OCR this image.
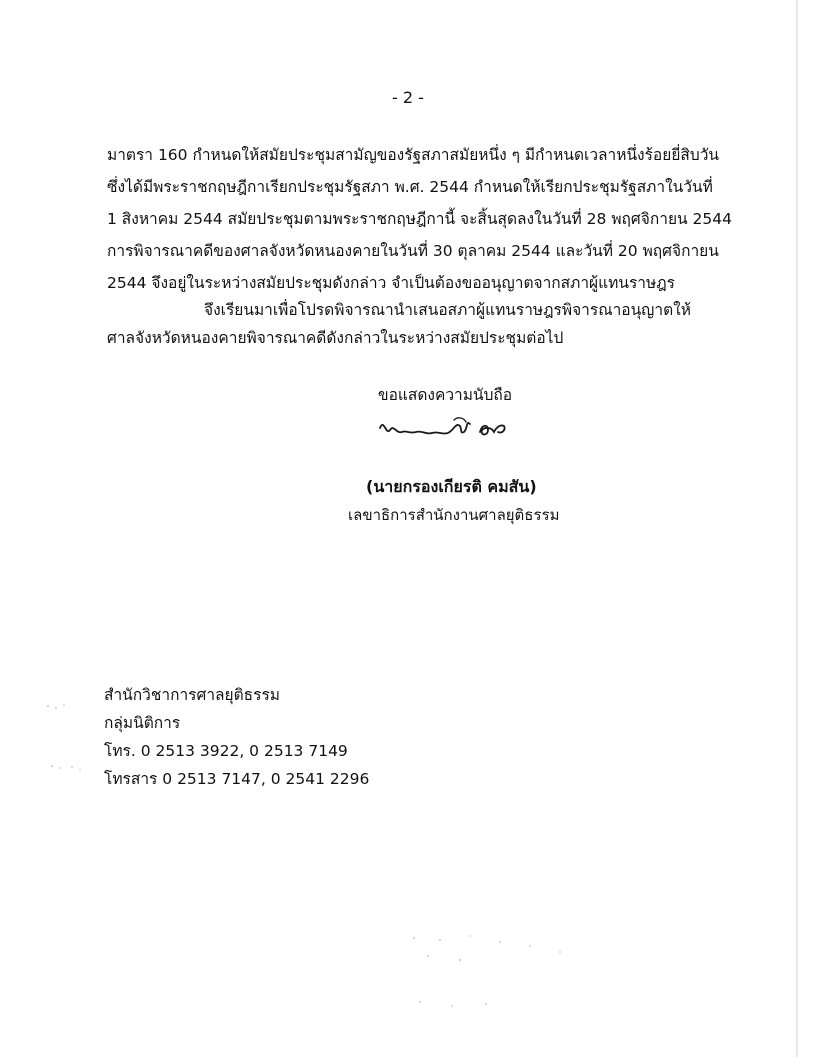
- 2 -
มาตรา 160 กำหนดให้สมัยประชุมสามัญของรัฐสภาสมัยหนึ่ง ๆ มีกำหนดเวลาหนึ่งร้อยยี่สิบวัน
ซึ่งได้มีพระราชกฤษฎีกาเรียกประชุมรัฐสภา พ.ศ. 2544 กำหนดให้เรียกประชุมรัฐสภาในวันที่
1 สิงหาคม 2544 สมัยประชุมตามพระราชกฤษฎีกานี้ จะสิ้นสุดลงในวันที่ 28 พฤศจิกายน 2544
การพิจารณาคดีของศาลจังหวัดหนองคายในวันที่ 30 ตุลาคม 2544 และวันที่ 20 พฤศจิกายน
2544 จึงอยู่ในระหว่างสมัยประชุมดังกล่าว จำเป็นต้องขออนุญาตจากสภาผู้แทนราษฎร
จึงเรียนมาเพื่อโปรดพิจารณานำเสนอสภาผู้แทนราษฎรพิจารณาอนุญาตให้
ศาลจังหวัดหนองคายพิจารณาคดีดังกล่าวในระหว่างสมัยประชุมต่อไป
ขอแสดงความนับถือ
(นายกรองเกียรติ คมสัน)
เลขาธิการสำนักงานศาลยุติธรรม
สำนักวิชาการศาลยุติธรรม
กลุ่มนิติการ
โทร. 0 2513 3922, 0 2513 7149
โทรสาร 0 2513 7147, 0 2541 2296
